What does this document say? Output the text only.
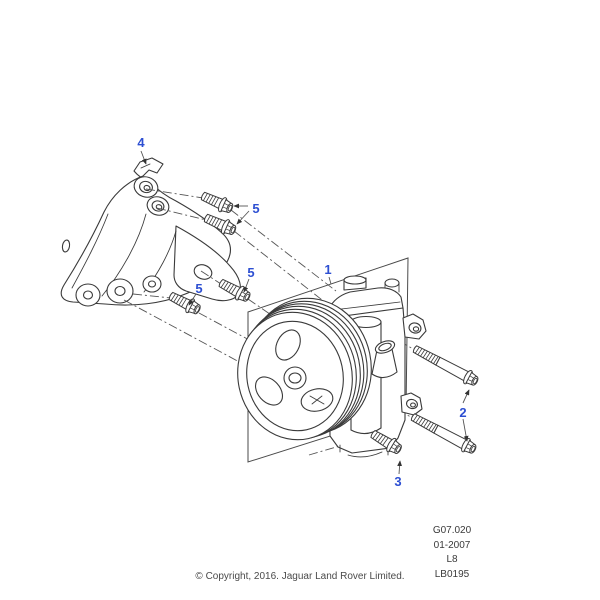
1
2
3
4
5
5
5
G07.020
01-2007
L8
LB0195
© Copyright, 2016. Jaguar Land Rover Limited.
